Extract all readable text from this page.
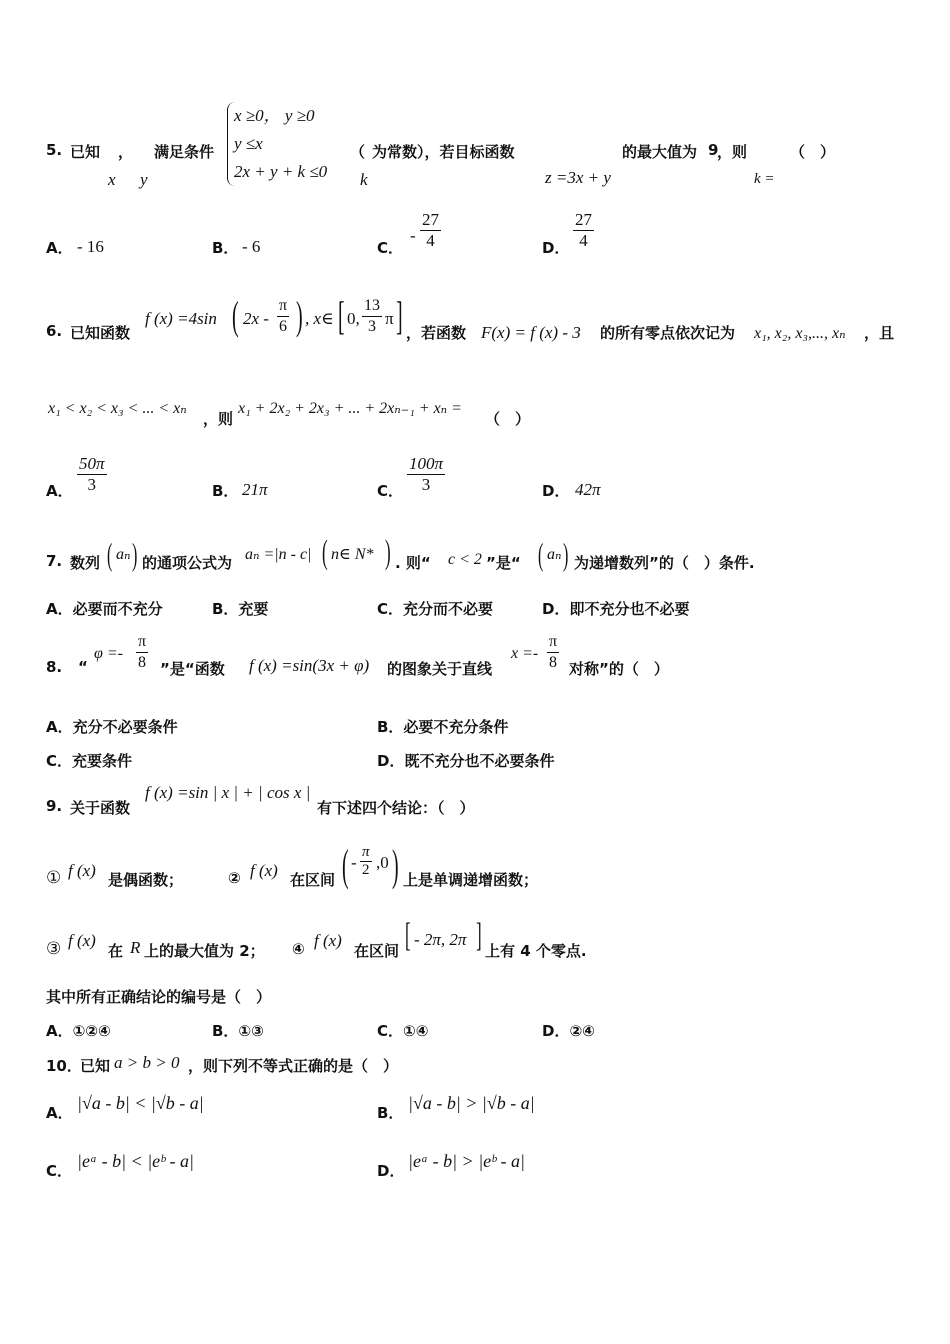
5. 已知 ，
x y
满足条件
x ≥0， y ≥0
y ≤x
2x + y + k ≤0
（
k
为常数），若目标函数
z =3x + y
的最大值为 9
，则
k =
（　）
A． - 16	B． - 6	C．
- $\frac{27}{4}$	D． $\frac{27}{4}$
6. 已知函数
f (x) =4sin ( $2x - \frac{\pi}{6}$ ) , x∈ [ 0, $\frac{13}{3}$ π ] ，若函数 F(x) = f (x) - 3 的所有零点依次记为 x₁, x₂, x₃,..., xₙ ，且
x₁ < x₂ < x₃ < ... < xₙ
，则
x₁ + 2x₂ + 2x₃ + ... + 2xₙ₋₁ + xₙ =
（　）
A． $\frac{50\pi}{3}$	B． 21π	C． $\frac{100\pi}{3}$	D． 42π
7. 数列 ( aₙ ) 的通项公式为 aₙ =|n - c| ( n∈ N* ) . 则“ c < 2 ”是“ ( aₙ ) 为递增数列”的（　）条件.
A．必要而不充分	B．充要	C．充分而不必要	D．即不充分也不必要
8. “
$\varphi =- \frac{\pi}{8}$ ”是“函数 f (x) =sin(3x + φ) 的图象关于直线
$x =- \frac{\pi}{8}$ 对称”的（　）
A．充分不必要条件	B．必要不充分条件
C．充要条件	D．既不充分也不必要条件
9. 关于函数
f (x) =sin | x | + | cos x |
有下述四个结论：（　）
① f (x) 是偶函数；	② f (x) 在区间 ( - $\frac{\pi}{2} ,0$ ) 上是单调递增函数；
③ f (x)
在 R 上的最大值为 2； ④ f (x)
在区间 [ - 2π, 2π ] 上有 4 个零点.
其中所有正确结论的编号是（　）
A．①②④	B．①③	C．①④	D．②④
10．
已知 a > b > 0 ，则下列不等式正确的是（　）
A． |√a - b| < |√b - a|	B． |√a - b| > |√b - a|
C． |eᵃ - b| < |eᵇ - a|	D． |eᵃ - b| > |eᵇ - a|
